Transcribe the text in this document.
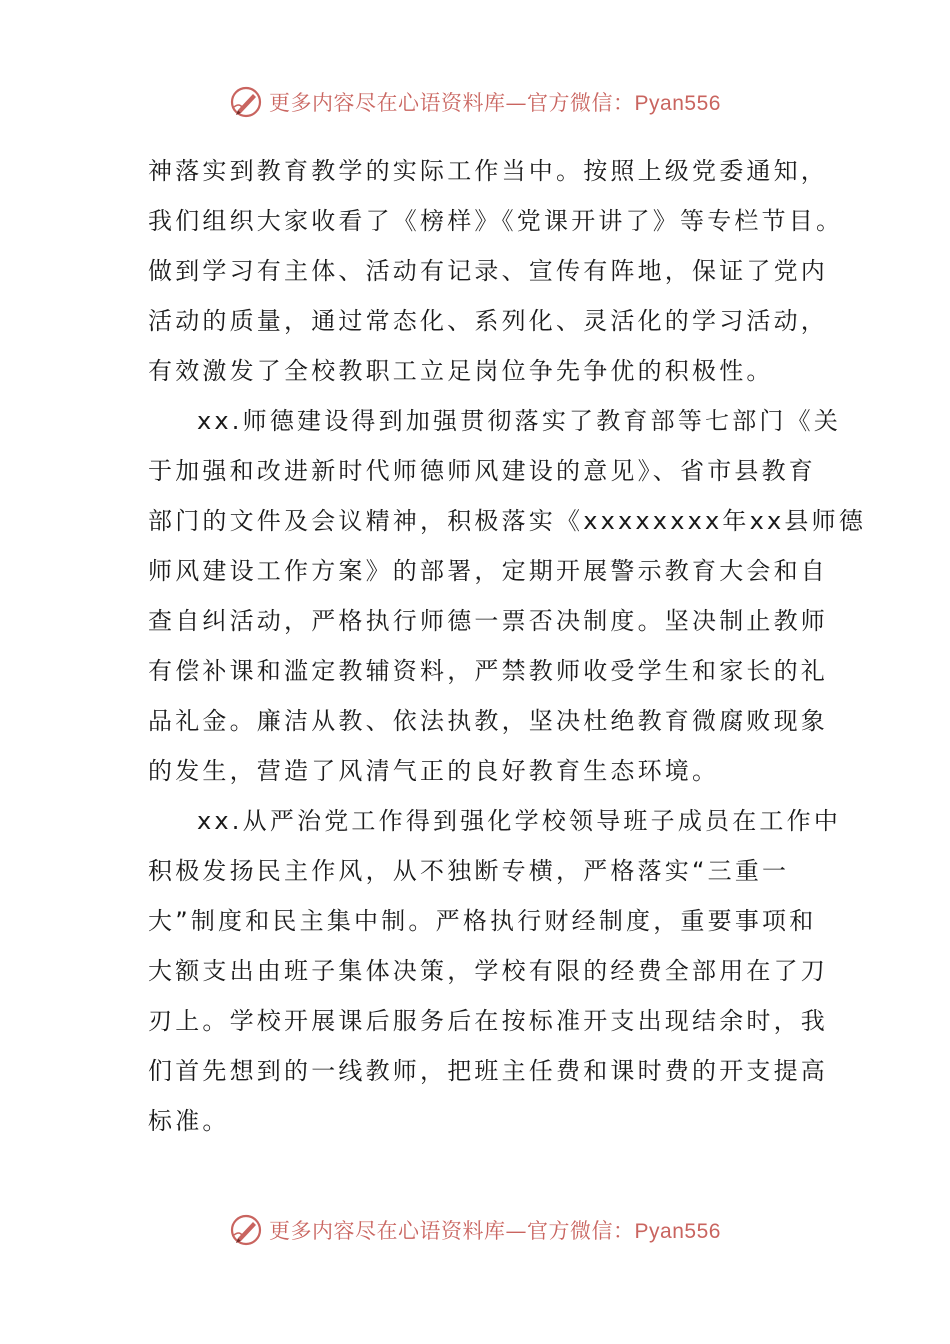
更多内容尽在心语资料库—官方微信：Pyan556
神落实到教育教学的实际工作当中。按照上级党委通知，
我们组织大家收看了《榜样》《党课开讲了》等专栏节目。
做到学习有主体、活动有记录、宣传有阵地，保证了党内
活动的质量，通过常态化、系列化、灵活化的学习活动，
有效激发了全校教职工立足岗位争先争优的积极性。
xx.师德建设得到加强贯彻落实了教育部等七部门《关
于加强和改进新时代师德师风建设的意见》、省市县教育
部门的文件及会议精神，积极落实《xxxxxxxx年xx县师德
师风建设工作方案》的部署，定期开展警示教育大会和自
查自纠活动，严格执行师德一票否决制度。坚决制止教师
有偿补课和滥定教辅资料，严禁教师收受学生和家长的礼
品礼金。廉洁从教、依法执教，坚决杜绝教育微腐败现象
的发生，营造了风清气正的良好教育生态环境。
xx.从严治党工作得到强化学校领导班子成员在工作中
积极发扬民主作风，从不独断专横，严格落实“三重一
大”制度和民主集中制。严格执行财经制度，重要事项和
大额支出由班子集体决策，学校有限的经费全部用在了刀
刃上。学校开展课后服务后在按标准开支出现结余时，我
们首先想到的一线教师，把班主任费和课时费的开支提高
标准。
更多内容尽在心语资料库—官方微信：Pyan556
